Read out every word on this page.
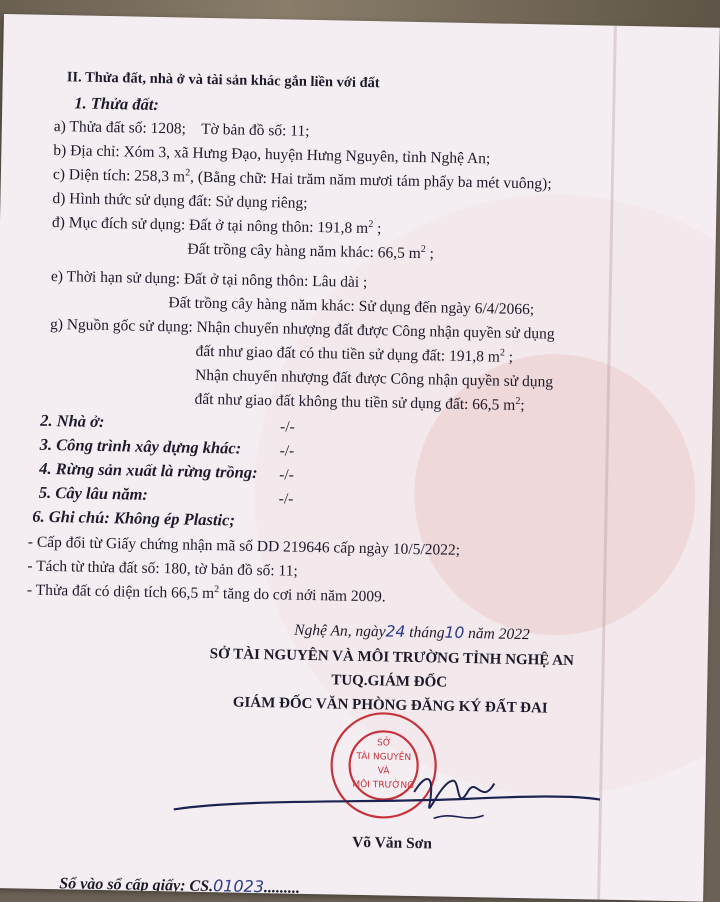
II. Thửa đất, nhà ở và tài sản khác gắn liền với đất
1. Thửa đất:
a) Thửa đất số: 1208; Tờ bản đồ số: 11;
b) Địa chỉ: Xóm 3, xã Hưng Đạo, huyện Hưng Nguyên, tỉnh Nghệ An;
c) Diện tích: 258,3 $m^2$, (Bằng chữ: Hai trăm năm mươi tám phẩy ba mét vuông);
d) Hình thức sử dụng đất: Sử dụng riêng;
đ) Mục đích sử dụng: Đất ở tại nông thôn: 191,8 $m^2$ ;
Đất trồng cây hàng năm khác: 66,5 $m^2$ ;
e) Thời hạn sử dụng: Đất ở tại nông thôn: Lâu dài ;
Đất trồng cây hàng năm khác: Sử dụng đến ngày 6/4/2066;
g) Nguồn gốc sử dụng: Nhận chuyển nhượng đất được Công nhận quyền sử dụng
đất như giao đất có thu tiền sử dụng đất: 191,8 $m^2$ ;
Nhận chuyển nhượng đất được Công nhận quyền sử dụng
đất như giao đất không thu tiền sử dụng đất: 66,5 $m^2$;
2. Nhà ở:	-/-
3. Công trình xây dựng khác: -/-
4. Rừng sản xuất là rừng trồng: -/-
5. Cây lâu năm:	-/-
6. Ghi chú: Không ép Plastic;
- Cấp đổi từ Giấy chứng nhận mã số DD 219646 cấp ngày 10/5/2022;
- Tách từ thửa đất số: 180, tờ bản đồ số: 11;
- Thửa đất có diện tích 66,5 $m^2$ tăng do cơi nới năm 2009.
Nghệ An, ngày24 tháng10 năm 2022
SỞ TÀI NGUYÊN VÀ MÔI TRƯỜNG TỈNH NGHỆ AN
TUQ.GIÁM ĐỐC
GIÁM ĐỐC VĂN PHÒNG ĐĂNG KÝ ĐẤT ĐAI
SỞ
TÀI NGUYÊN
VÀ
MÔI TRƯỜNG
Võ Văn Sơn
Số vào sổ cấp giấy: CS.01023.........
